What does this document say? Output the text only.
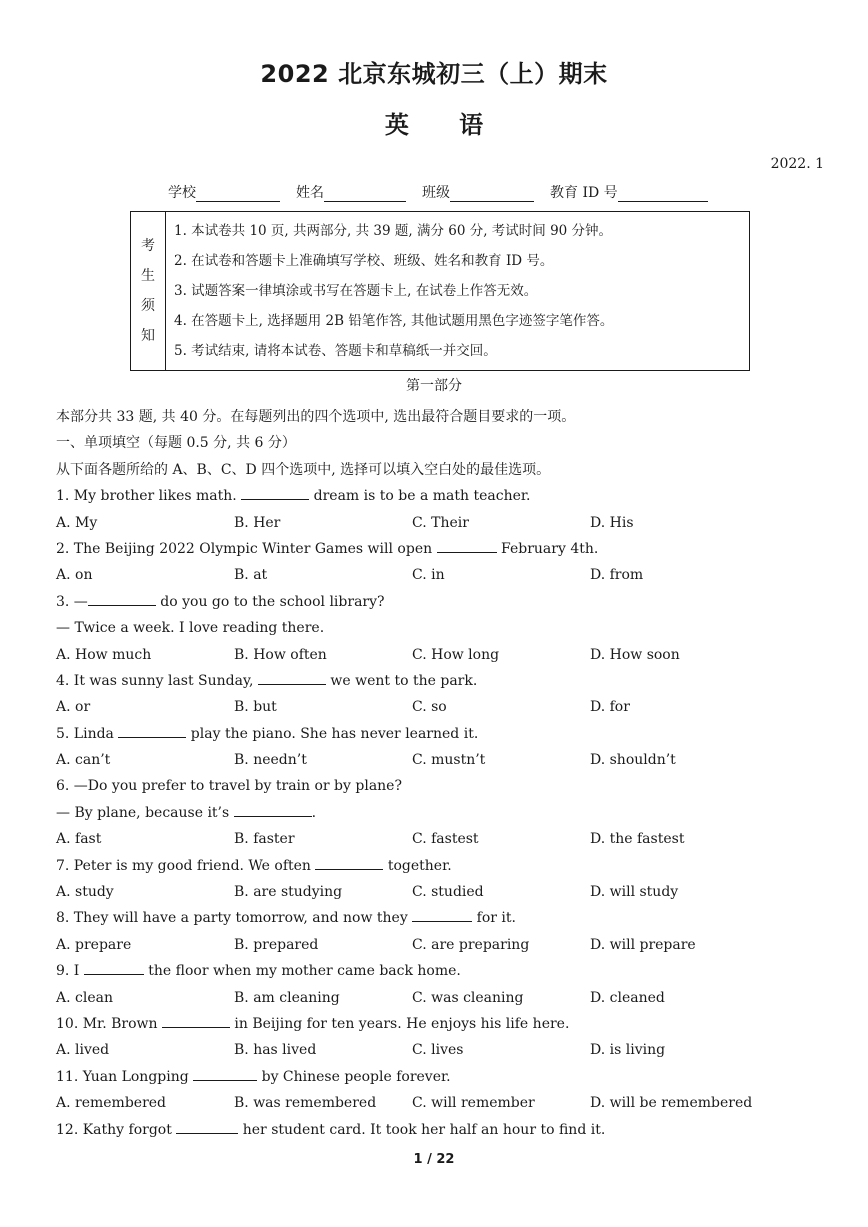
2022 北京东城初三（上）期末
英 语
2022. 1
学校	姓名	班级	教育 ID 号
考
生
须
知
1. 本试卷共 10 页, 共两部分, 共 39 题, 满分 60 分, 考试时间 90 分钟。
2. 在试卷和答题卡上准确填写学校、班级、姓名和教育 ID 号。
3. 试题答案一律填涂或书写在答题卡上, 在试卷上作答无效。
4. 在答题卡上, 选择题用 2B 铅笔作答, 其他试题用黑色字迹签字笔作答。
5. 考试结束, 请将本试卷、答题卡和草稿纸一并交回。
第一部分
本部分共 33 题, 共 40 分。在每题列出的四个选项中, 选出最符合题目要求的一项。
一、单项填空（每题 0.5 分, 共 6 分）
从下面各题所给的 A、B、C、D 四个选项中, 选择可以填入空白处的最佳选项。
1. My brother likes math.	dream is to be a math teacher.
A. My	B. Her	C. Their	D. His
2. The Beijing 2022 Olympic Winter Games will open	February 4th.
A. on	B. at	C. in	D. from
3. —	do you go to the school library?
— Twice a week. I love reading there.
A. How much	B. How often	C. How long	D. How soon
4. It was sunny last Sunday,	we went to the park.
A. or	B. but	C. so	D. for
5. Linda	play the piano. She has never learned it.
A. can’t	B. needn’t	C. mustn’t	D. shouldn’t
6. —Do you prefer to travel by train or by plane?
— By plane, because it’s	.
A. fast	B. faster	C. fastest	D. the fastest
7. Peter is my good friend. We often	together.
A. study	B. are studying	C. studied	D. will study
8. They will have a party tomorrow, and now they	for it.
A. prepare	B. prepared	C. are preparing	D. will prepare
9. I	the floor when my mother came back home.
A. clean	B. am cleaning	C. was cleaning	D. cleaned
10. Mr. Brown	in Beijing for ten years. He enjoys his life here.
A. lived	B. has lived	C. lives	D. is living
11. Yuan Longping	by Chinese people forever.
A. remembered	B. was remembered	C. will remember	D. will be remembered
12. Kathy forgot	her student card. It took her half an hour to find it.
1 / 22
